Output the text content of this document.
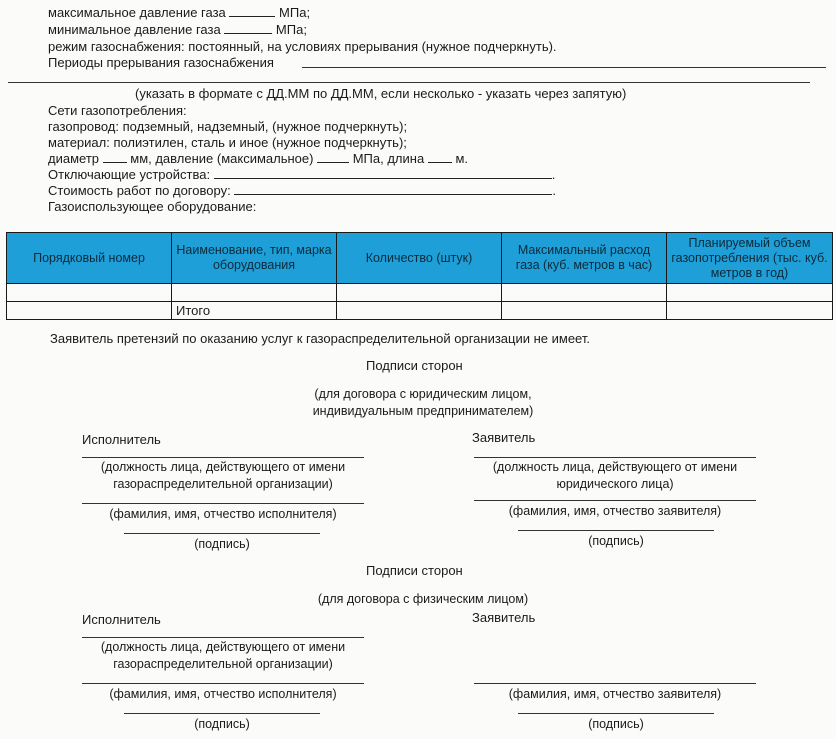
максимальное давление газа	МПа;
минимальное давление газа	МПа;
режим газоснабжения: постоянный, на условиях прерывания (нужное подчеркнуть).
Периоды прерывания газоснабжения
(указать в формате с ДД.ММ по ДД.ММ, если несколько - указать через запятую)
Сети газопотребления:
газопровод: подземный, надземный, (нужное подчеркнуть);
материал: полиэтилен, сталь и иное (нужное подчеркнуть);
диаметр мм, давление (максимальное)	МПа, длина м.
Отключающие устройства:	.
Стоимость работ по договору:	.
Газоиспользующее оборудование:
Порядковый номер	Наименование, тип, марка оборудования	Количество (штук)	Максимальный расход газа (куб. метров в час)	Планируемый объем газопотребления (тыс. куб. метров в год)

	Итого			
Заявитель претензий по оказанию услуг к газораспределительной организации не имеет.
Подписи сторон
(для договора с юридическим лицом,
индивидуальным предпринимателем)
Исполнитель	Заявитель
(должность лица, действующего от имени
газораспределительной организации)
(должность лица, действующего от имени
юридического лица)
(фамилия, имя, отчество исполнителя)	(фамилия, имя, отчество заявителя)
(подпись)	(подпись)
Подписи сторон
(для договора с физическим лицом)
Исполнитель	Заявитель
(должность лица, действующего от имени
газораспределительной организации)
(фамилия, имя, отчество исполнителя)	(фамилия, имя, отчество заявителя)
(подпись)	(подпись)
